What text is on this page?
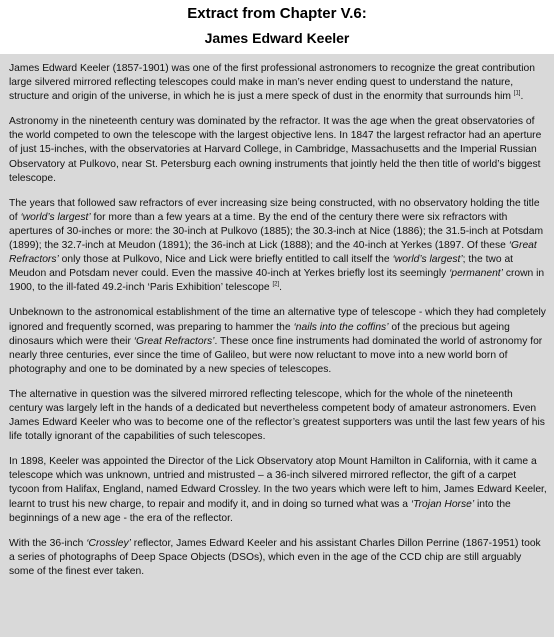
Extract from Chapter V.6:
James Edward Keeler

James Edward Keeler (1857-1901) was one of the first professional astronomers to recognize the great contribution large silvered mirrored reflecting telescopes could make in man’s never ending quest to understand the nature, structure and origin of the universe, in which he is just a mere speck of dust in the enormity that surrounds him [1].

Astronomy in the nineteenth century was dominated by the refractor. It was the age when the great observatories of the world competed to own the telescope with the largest objective lens. In 1847 the largest refractor had an aperture of just 15-inches, with the observatories at Harvard College, in Cambridge, Massachusetts and the Imperial Russian Observatory at Pulkovo, near St. Petersburg each owning instruments that jointly held the then title of world’s biggest telescope.

The years that followed saw refractors of ever increasing size being constructed, with no observatory holding the title of ‘world’s largest’ for more than a few years at a time. By the end of the century there were six refractors with apertures of 30-inches or more: the 30-inch at Pulkovo (1885); the 30.3-inch at Nice (1886); the 31.5-inch at Potsdam (1899); the 32.7-inch at Meudon (1891); the 36-inch at Lick (1888); and the 40-inch at Yerkes (1897. Of these ‘Great Refractors’ only those at Pulkovo, Nice and Lick were briefly entitled to call itself the ‘world’s largest’; the two at Meudon and Potsdam never could. Even the massive 40-inch at Yerkes briefly lost its seemingly ‘permanent’ crown in 1900, to the ill-fated 49.2-inch ‘Paris Exhibition’ telescope [2].

Unbeknown to the astronomical establishment of the time an alternative type of telescope - which they had completely ignored and frequently scorned, was preparing to hammer the ‘nails into the coffins’ of the precious but ageing dinosaurs which were their ‘Great Refractors’. These once fine instruments had dominated the world of astronomy for nearly three centuries, ever since the time of Galileo, but were now reluctant to move into a new world born of photography and one to be dominated by a new species of telescopes.

The alternative in question was the silvered mirrored reflecting telescope, which for the whole of the nineteenth century was largely left in the hands of a dedicated but nevertheless competent body of amateur astronomers. Even James Edward Keeler who was to become one of the reflector’s greatest supporters was until the last few years of his life totally ignorant of the capabilities of such telescopes.

In 1898, Keeler was appointed the Director of the Lick Observatory atop Mount Hamilton in California, with it came a telescope which was unknown, untried and mistrusted – a 36-inch silvered mirrored reflector, the gift of a carpet tycoon from Halifax, England, named Edward Crossley. In the two years which were left to him, James Edward Keeler, learnt to trust his new charge, to repair and modify it, and in doing so turned what was a ‘Trojan Horse’ into the beginnings of a new age - the era of the reflector.

With the 36-inch ‘Crossley’ reflector, James Edward Keeler and his assistant Charles Dillon Perrine (1867-1951) took a series of photographs of Deep Space Objects (DSOs), which even in the age of the CCD chip are still arguably some of the finest ever taken.
